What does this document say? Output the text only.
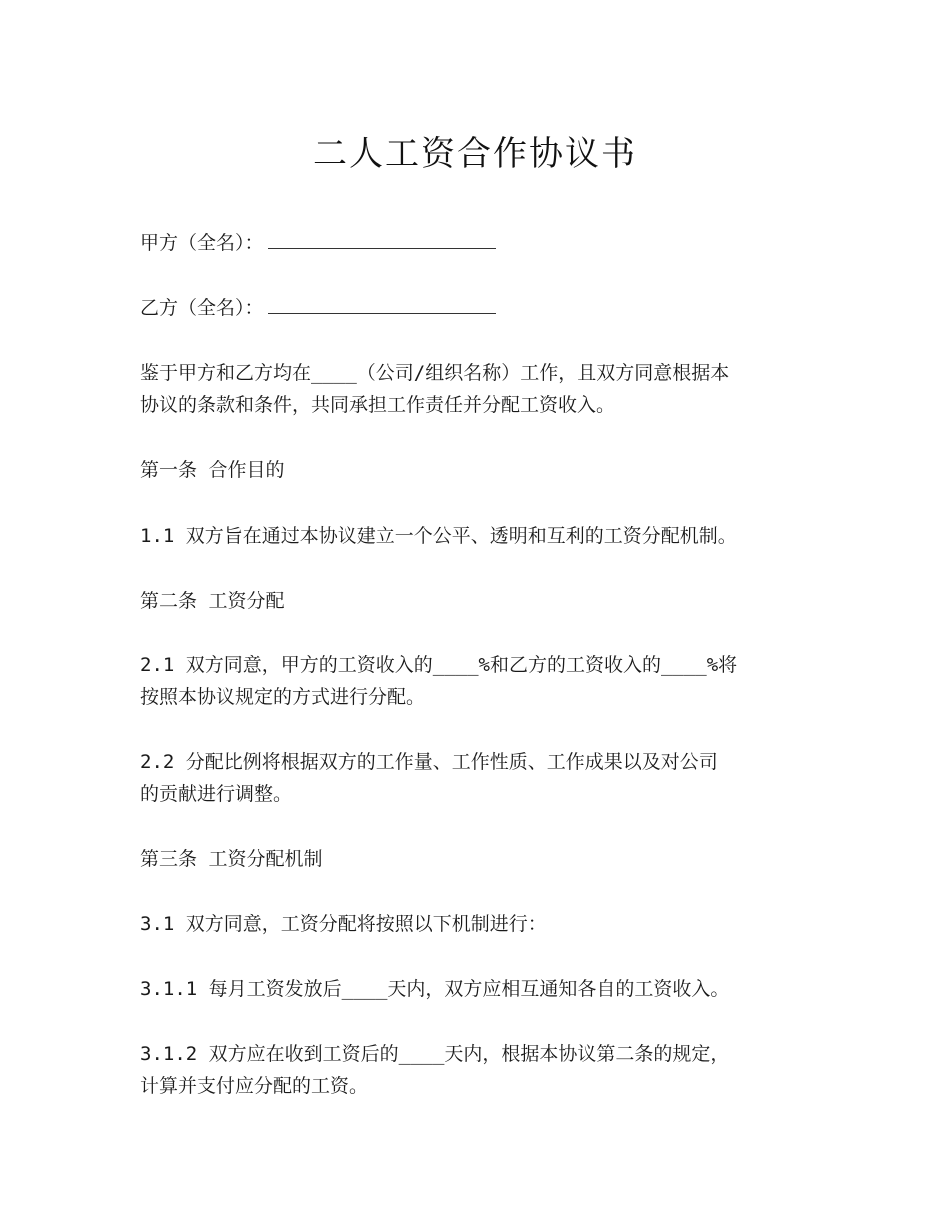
二人工资合作协议书
甲方（全名）：
乙方（全名）：
鉴于甲方和乙方均在____（公司/组织名称）工作，且双方同意根据本
协议的条款和条件，共同承担工作责任并分配工资收入。
第一条 合作目的
1.1 双方旨在通过本协议建立一个公平、透明和互利的工资分配机制。
第二条 工资分配
2.1 双方同意，甲方的工资收入的____%和乙方的工资收入的____%将
按照本协议规定的方式进行分配。
2.2 分配比例将根据双方的工作量、工作性质、工作成果以及对公司
的贡献进行调整。
第三条 工资分配机制
3.1 双方同意，工资分配将按照以下机制进行：
3.1.1 每月工资发放后____天内，双方应相互通知各自的工资收入。
3.1.2 双方应在收到工资后的____天内，根据本协议第二条的规定，
计算并支付应分配的工资。
